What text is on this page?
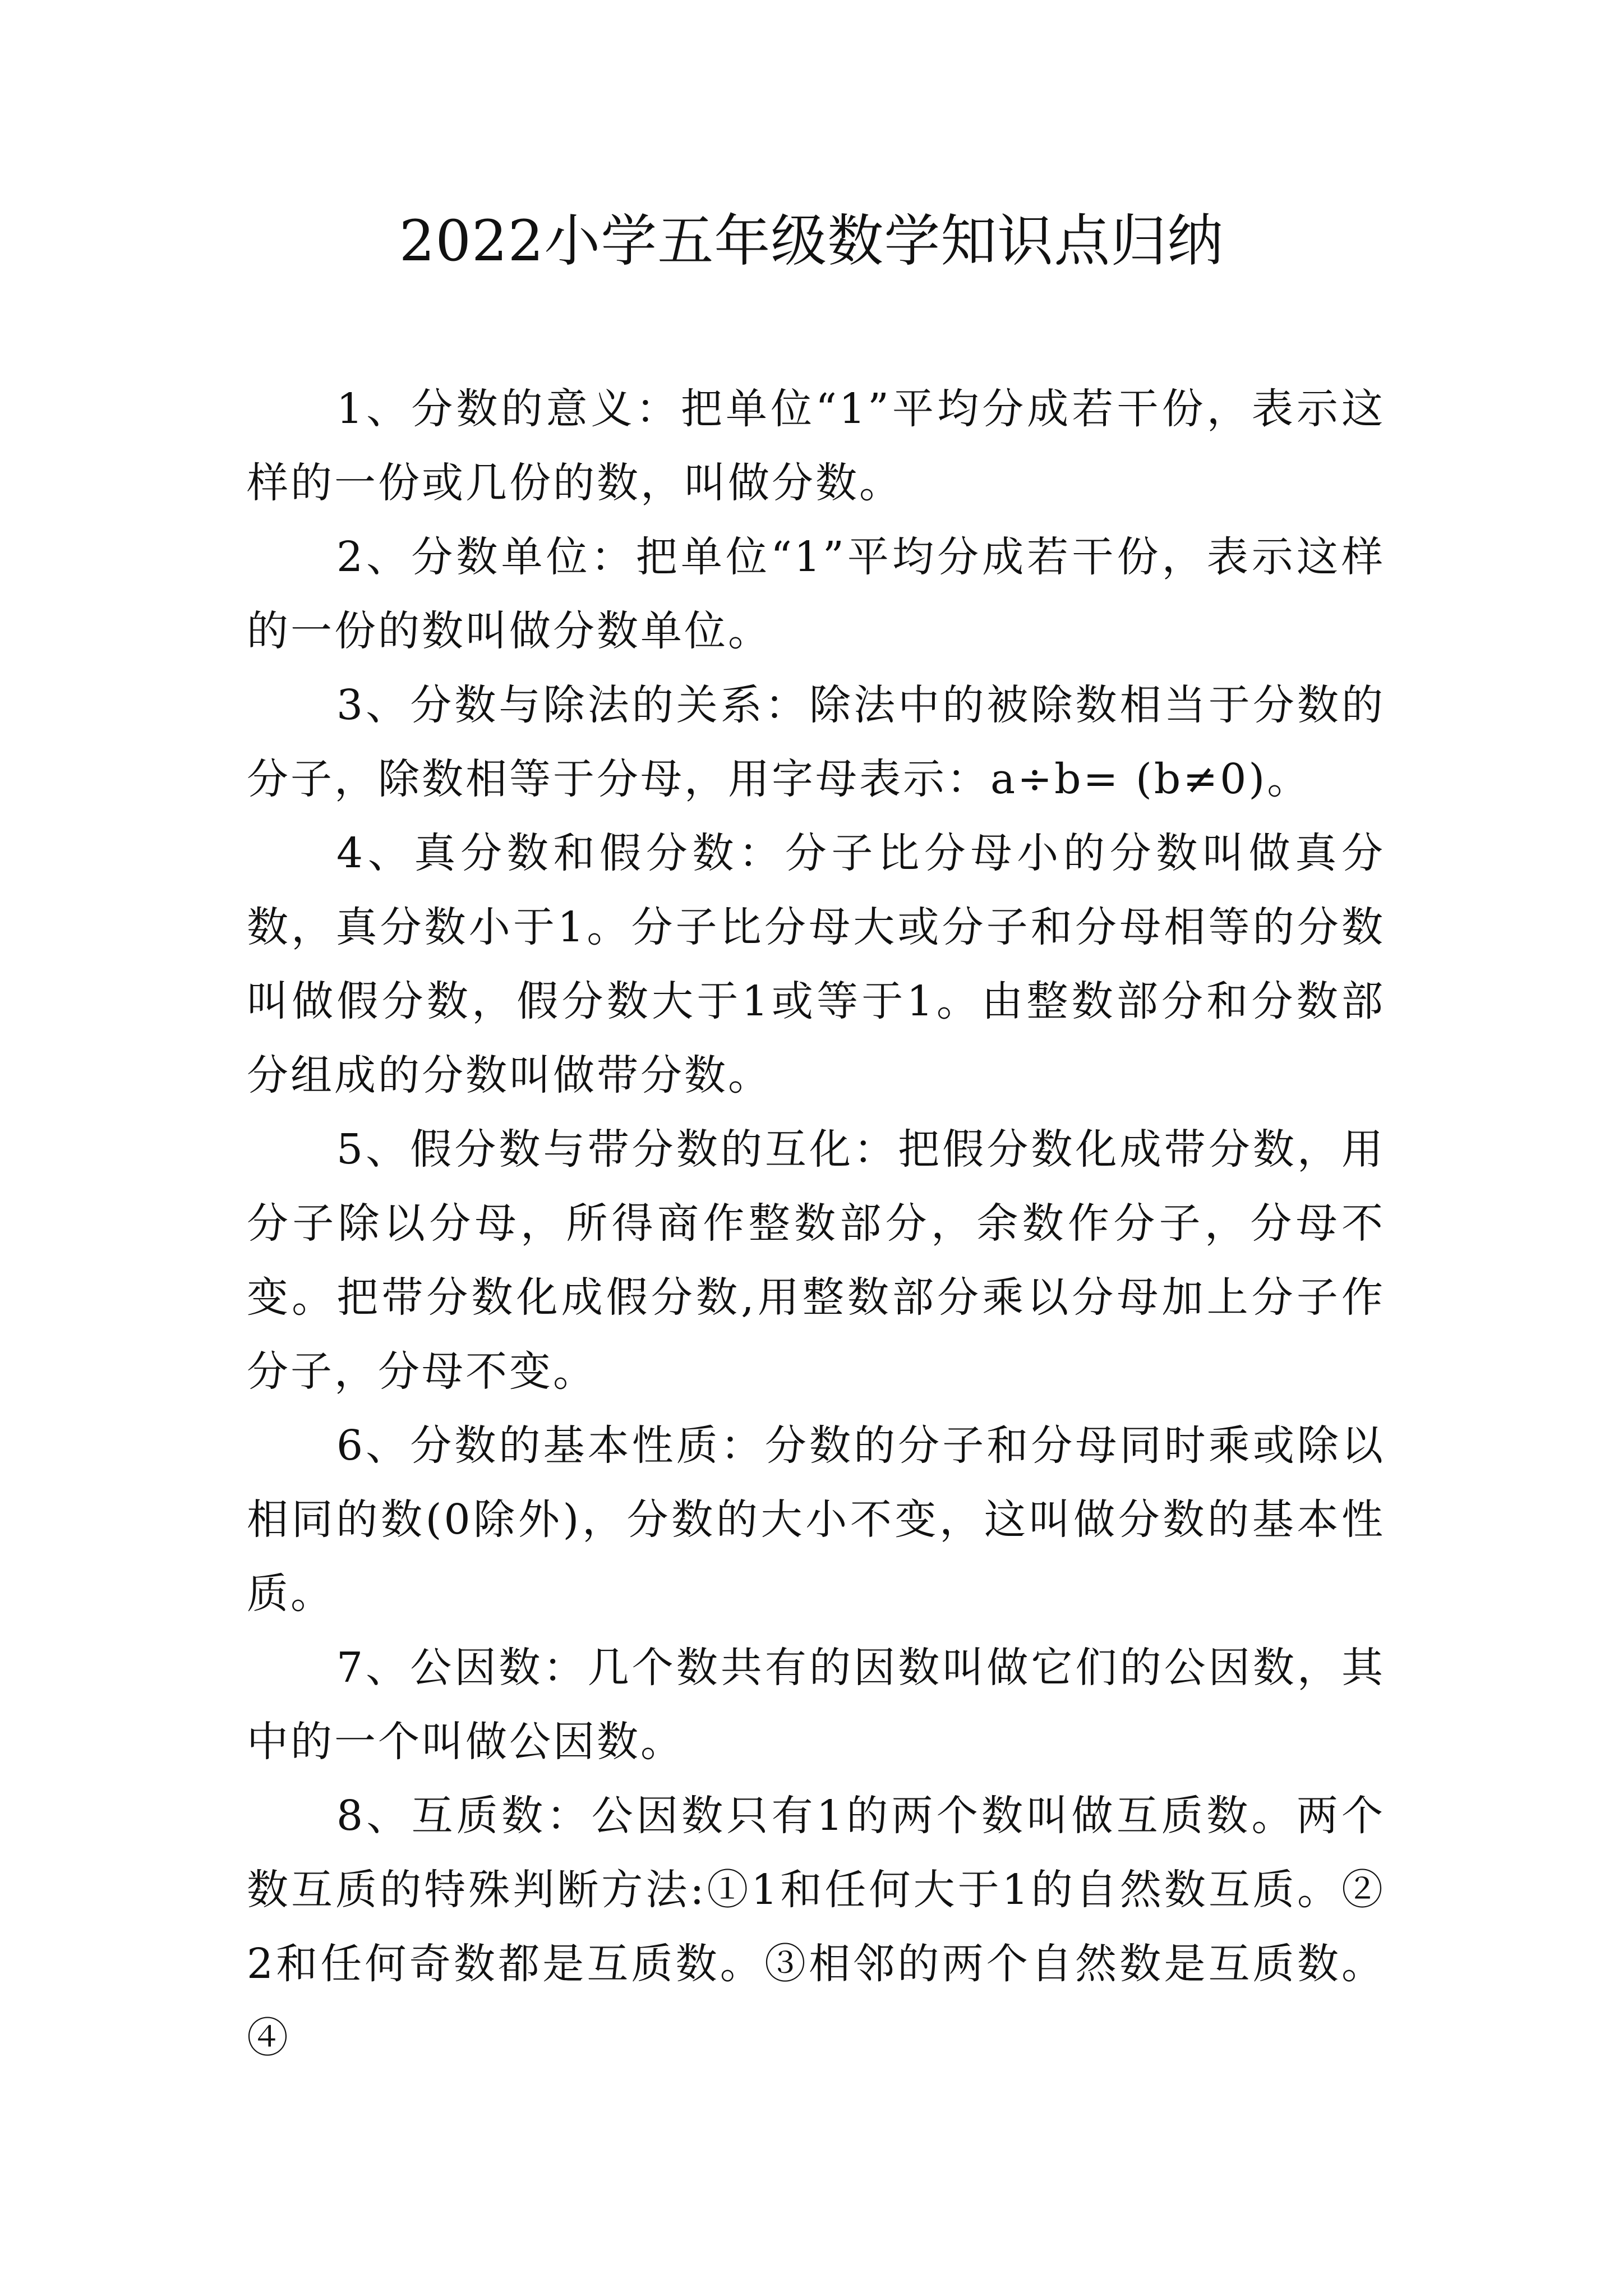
2022小学五年级数学知识点归纳

1、分数的意义：把单位“1”平均分成若干份，表示这样的一份或几份的数，叫做分数。

2、分数单位：把单位“1”平均分成若干份，表示这样的一份的数叫做分数单位。

3、分数与除法的关系：除法中的被除数相当于分数的分子，除数相等于分母，用字母表示：a÷b= (b≠0)。

4、真分数和假分数：分子比分母小的分数叫做真分数，真分数小于1。分子比分母大或分子和分母相等的分数叫做假分数，假分数大于1或等于1。由整数部分和分数部分组成的分数叫做带分数。

5、假分数与带分数的互化：把假分数化成带分数，用分子除以分母，所得商作整数部分，余数作分子，分母不变。把带分数化成假分数,用整数部分乘以分母加上分子作分子，分母不变。

6、分数的基本性质：分数的分子和分母同时乘或除以相同的数(0除外)，分数的大小不变，这叫做分数的基本性质。

7、公因数：几个数共有的因数叫做它们的公因数，其中的一个叫做公因数。

8、互质数：公因数只有1的两个数叫做互质数。两个数互质的特殊判断方法:①1和任何大于1的自然数互质。②2和任何奇数都是互质数。③相邻的两个自然数是互质数。④
